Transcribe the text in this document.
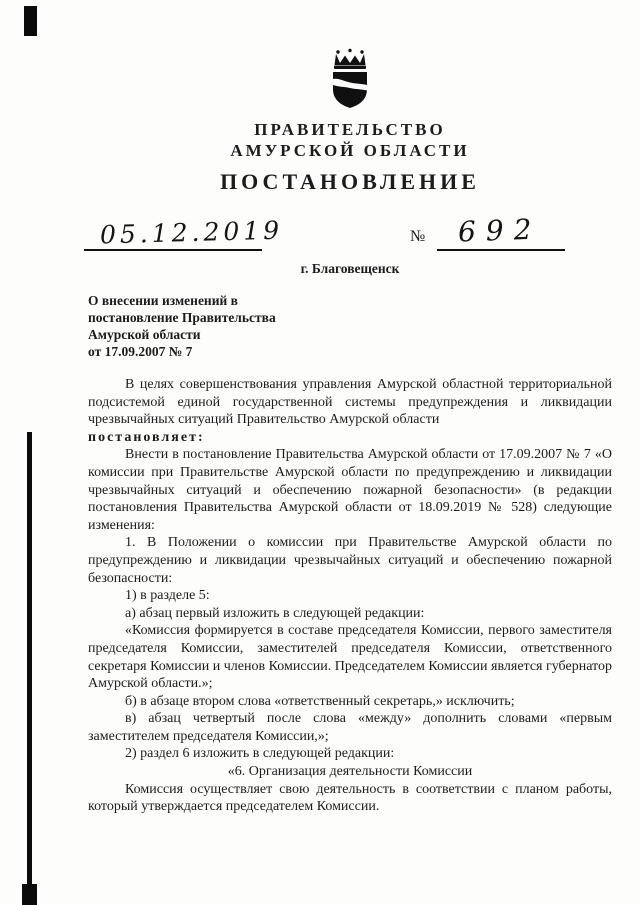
ПРАВИТЕЛЬСТВО
АМУРСКОЙ ОБЛАСТИ
ПОСТАНОВЛЕНИЕ
05.12.2019	№ 692
г. Благовещенск
О внесении изменений в
постановление Правительства
Амурской области
от 17.09.2007 № 7

В целях совершенствования управления Амурской областной территориальной подсистемой единой государственной системы предупреждения и ликвидации чрезвычайных ситуаций Правительство Амурской области

постановляет:

Внести в постановление Правительства Амурской области от 17.09.2007 № 7 «О комиссии при Правительстве Амурской области по предупреждению и ликвидации чрезвычайных ситуаций и обеспечению пожарной безопасности» (в редакции постановления Правительства Амурской области от 18.09.2019 № 528) следующие изменения:

1. В Положении о комиссии при Правительстве Амурской области по предупреждению и ликвидации чрезвычайных ситуаций и обеспечению пожарной безопасности:

1) в разделе 5:

а) абзац первый изложить в следующей редакции:

«Комиссия формируется в составе председателя Комиссии, первого заместителя председателя Комиссии, заместителей председателя Комиссии, ответственного секретаря Комиссии и членов Комиссии. Председателем Комиссии является губернатор Амурской области.»;

б) в абзаце втором слова «ответственный секретарь,» исключить;

в) абзац четвертый после слова «между» дополнить словами «первым заместителем председателя Комиссии,»;

2) раздел 6 изложить в следующей редакции:

«6. Организация деятельности Комиссии

Комиссия осуществляет свою деятельность в соответствии с планом работы, который утверждается председателем Комиссии.
